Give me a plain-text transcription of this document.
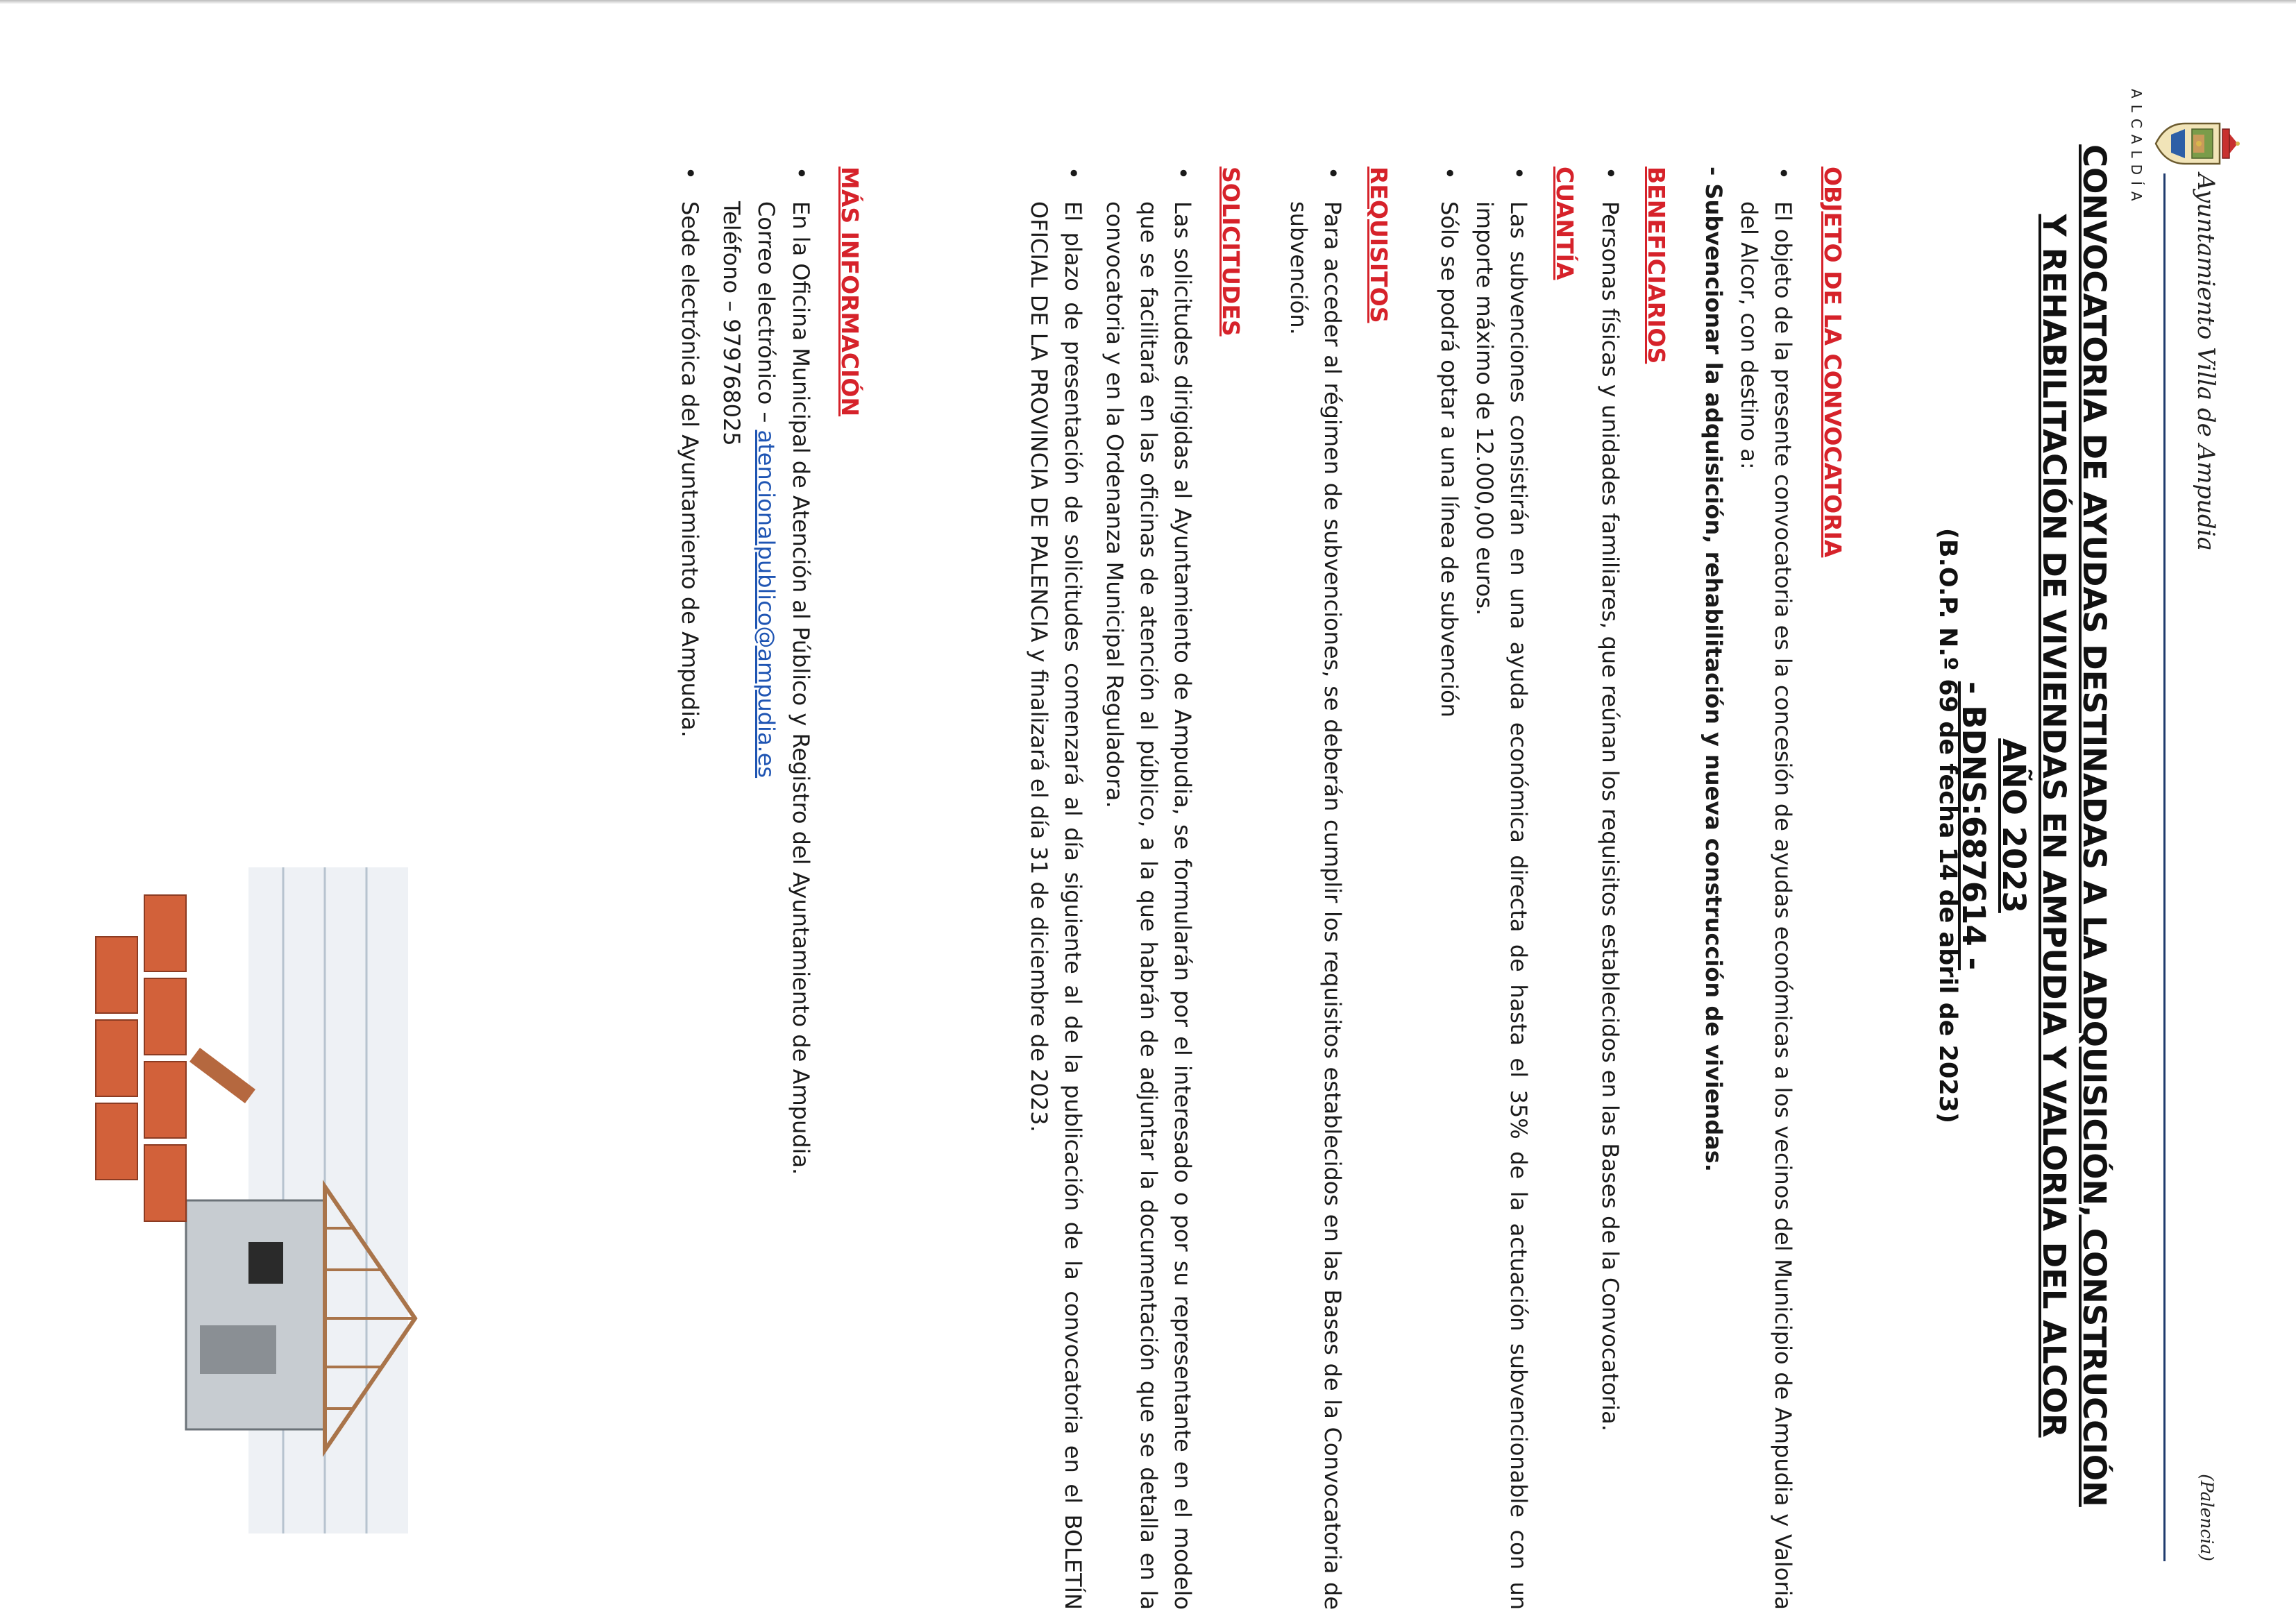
ALCALDÍA
Ayuntamiento Villa de Ampudia
(Palencia)
CONVOCATORIA DE AYUDAS DESTINADAS A LA ADQUISICIÓN, CONSTRUCCIÓN
Y REHABILITACIÓN DE VIVIENDAS EN AMPUDIA Y VALORIA DEL ALCOR
AÑO 2023
- BDNS:687614 -
(B.O.P. N.º 69 de fecha 14 de abril de 2023)
OBJETO DE LA CONVOCATORIA
•
El objeto de la presente convocatoria es la concesión de ayudas económicas a los vecinos del Municipio de Ampudia y Valoria del Alcor, con destino a:
- Subvencionar la adquisición, rehabilitación y nueva construcción de viviendas.
BENEFICIARIOS
•
Personas físicas y unidades familiares, que reúnan los requisitos establecidos en las Bases de la Convocatoria.
CUANTÍA
•
Las subvenciones consistirán en una ayuda económica directa de hasta el 35% de la actuación subvencionable con un importe máximo de 12.000,00 euros.
•
Sólo se podrá optar a una línea de subvención
REQUISITOS
•
Para acceder al régimen de subvenciones, se deberán cumplir los requisitos establecidos en las Bases de la Convocatoria de subvención.
SOLICITUDES
•
Las solicitudes dirigidas al Ayuntamiento de Ampudia, se formularán por el interesado o por su representante en el modelo que se facilitará en las oficinas de atención al público, a la que habrán de adjuntar la documentación que se detalla en la convocatoria y en la Ordenanza Municipal Reguladora.
•
El plazo de presentación de solicitudes comenzará al día siguiente al de la publicación de la convocatoria en el BOLETÍN OFICIAL DE LA PROVINCIA DE PALENCIA y finalizará el día 31 de diciembre de 2023.
MÁS INFORMACIÓN
•
En la Oficina Municipal de Atención al Público y Registro del Ayuntamiento de Ampudia.
Correo electrónico – atencionalpublico@ampudia.es
Teléfono – 979768025
•
Sede electrónica del Ayuntamiento de Ampudia.
